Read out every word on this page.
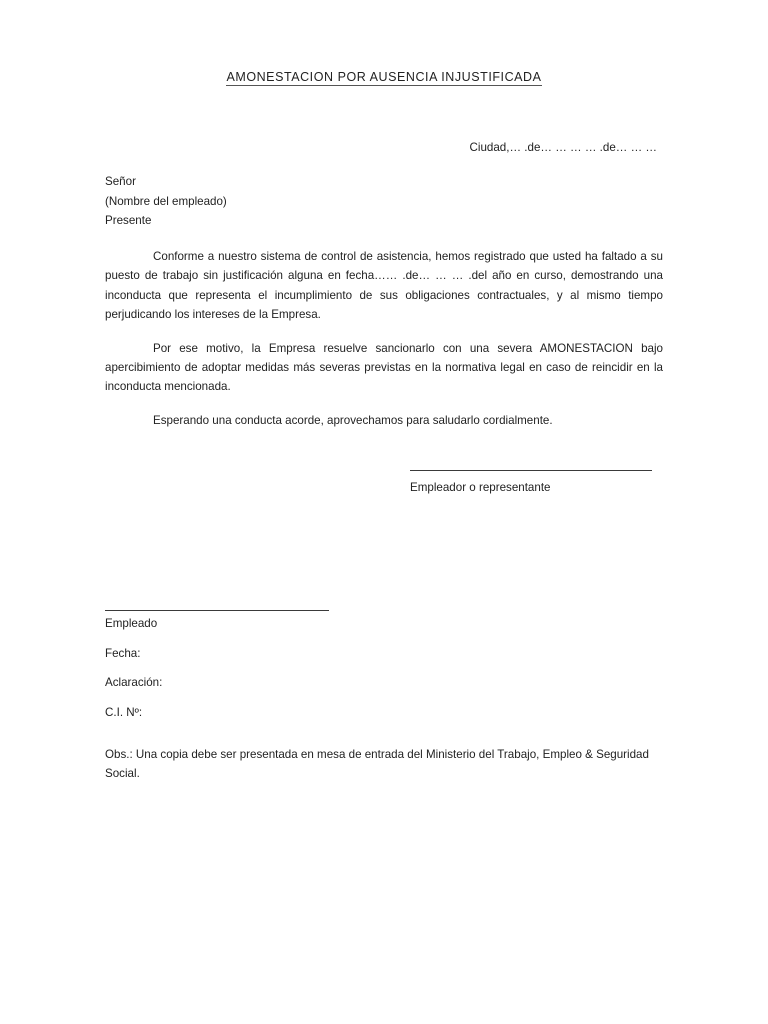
AMONESTACION POR AUSENCIA INJUSTIFICADA
Ciudad,… .de… … … … .de… … …
Señor
(Nombre del empleado)
Presente

Conforme a nuestro sistema de control de asistencia, hemos registrado que usted ha faltado a su puesto de trabajo sin justificación alguna en fecha…… .de… … … .del año en curso, demostrando una inconducta que representa el incumplimiento de sus obligaciones contractuales, y al mismo tiempo perjudicando los intereses de la Empresa.

Por ese motivo, la Empresa resuelve sancionarlo con una severa AMONESTACION bajo apercibimiento de adoptar medidas más severas previstas en la normativa legal en caso de reincidir en la inconducta mencionada.

Esperando una conducta acorde, aprovechamos para saludarlo cordialmente.

Empleador o representante
Empleado
Fecha:
Aclaración:
C.I. Nº:
Obs.: Una copia debe ser presentada en mesa de entrada del Ministerio del Trabajo, Empleo & Seguridad Social.
